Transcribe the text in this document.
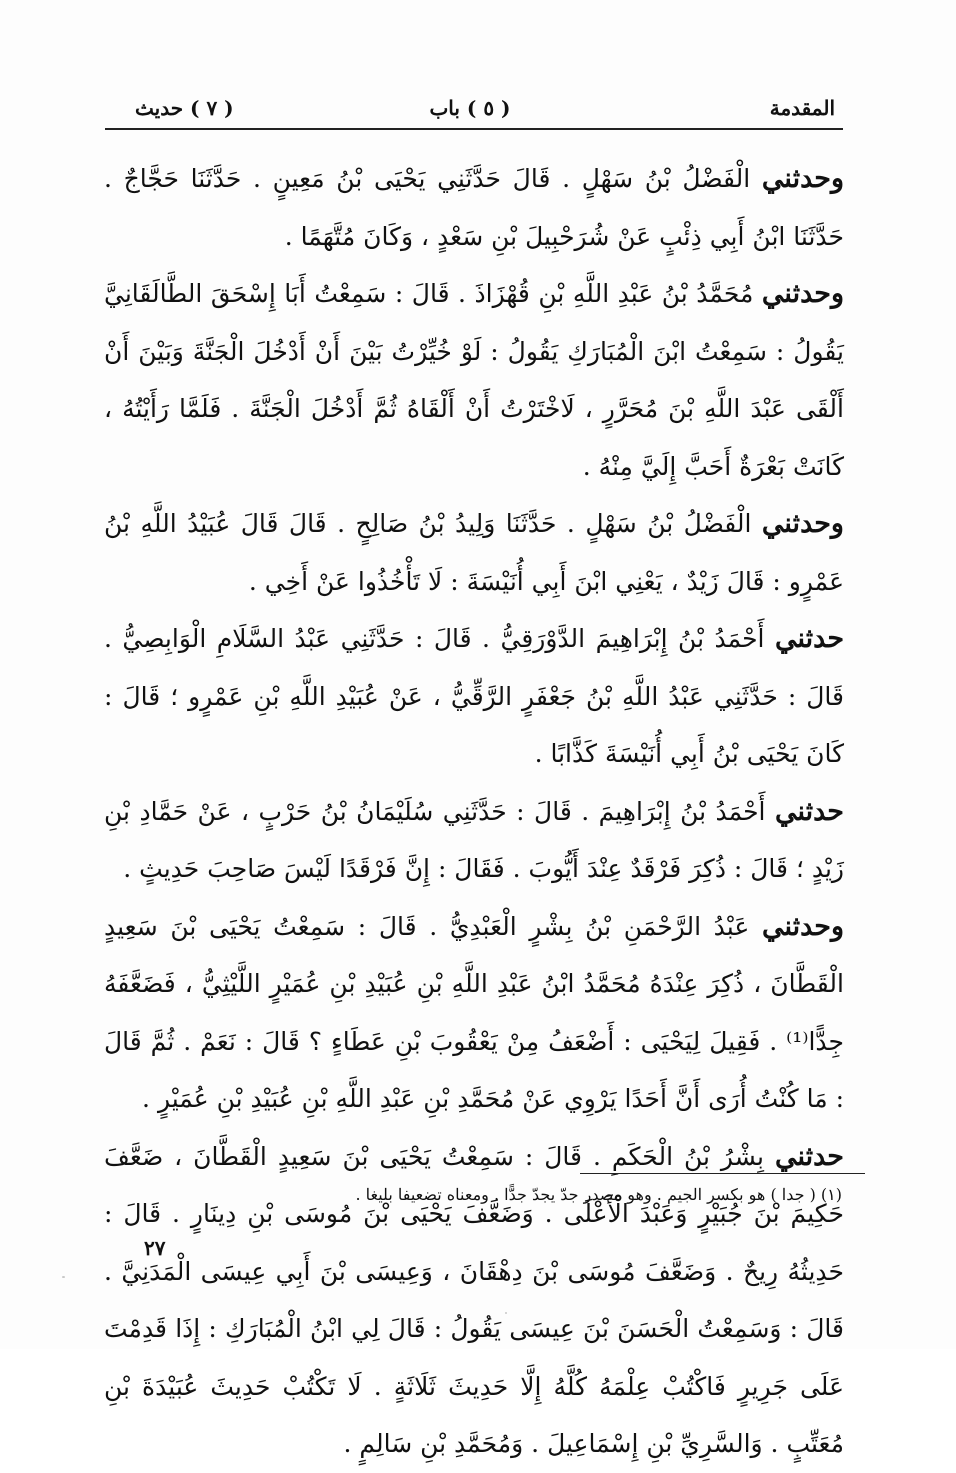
المقدمة
( ٥ ) باب
( ٧ ) حديث

وحدثني الْفَضْلُ بْنُ سَهْلٍ . قَالَ حَدَّثَنِي يَحْيَى بْنُ مَعِينٍ . حَدَّثَنَا حَجَّاجٌ . حَدَّثَنَا ابْنُ أَبِي ذِئْبٍ عَنْ شُرَحْبِيلَ بْنِ سَعْدٍ ، وَكَانَ مُتَّهَمًا .

وحدثني مُحَمَّدُ بْنُ عَبْدِ اللَّهِ بْنِ قُهْزَاذَ . قَالَ : سَمِعْتُ أَبَا إِسْحَقَ الطَّالَقَانِيَّ يَقُولُ : سَمِعْتُ ابْنَ الْمُبَارَكِ يَقُولُ : لَوْ خُيِّرْتُ بَيْنَ أَنْ أَدْخُلَ الْجَنَّةَ وَبَيْنَ أَنْ أَلْقَى عَبْدَ اللَّهِ بْنَ مُحَرَّرٍ ، لَاخْتَرْتُ أَنْ أَلْقَاهُ ثُمَّ أَدْخُلَ الْجَنَّةَ . فَلَمَّا رَأَيْتُهُ ، كَانَتْ بَعْرَةٌ أَحَبَّ إِلَيَّ مِنْهُ .

وحدثني الْفَضْلُ بْنُ سَهْلٍ . حَدَّثَنَا وَلِيدُ بْنُ صَالِحٍ . قَالَ قَالَ عُبَيْدُ اللَّهِ بْنُ عَمْرٍو : قَالَ زَيْدٌ ، يَعْنِي ابْنَ أَبِي أُنَيْسَةَ : لَا تَأْخُذُوا عَنْ أَخِي .

حدثني أَحْمَدُ بْنُ إِبْرَاهِيمَ الدَّوْرَقِيُّ . قَالَ : حَدَّثَنِي عَبْدُ السَّلَامِ الْوَابِصِيُّ . قَالَ : حَدَّثَنِي عَبْدُ اللَّهِ بْنُ جَعْفَرٍ الرَّقِّيُّ ، عَنْ عُبَيْدِ اللَّهِ بْنِ عَمْرٍو ؛ قَالَ : كَانَ يَحْيَى بْنُ أَبِي أُنَيْسَةَ كَذَّابًا .

حدثني أَحْمَدُ بْنُ إِبْرَاهِيمَ . قَالَ : حَدَّثَنِي سُلَيْمَانُ بْنُ حَرْبٍ ، عَنْ حَمَّادِ بْنِ زَيْدٍ ؛ قَالَ : ذُكِرَ فَرْقَدٌ عِنْدَ أَيُّوبَ . فَقَالَ : إِنَّ فَرْقَدًا لَيْسَ صَاحِبَ حَدِيثٍ .

وحدثني عَبْدُ الرَّحْمَنِ بْنُ بِشْرٍ الْعَبْدِيُّ . قَالَ : سَمِعْتُ يَحْيَى بْنَ سَعِيدٍ الْقَطَّانَ ، ذُكِرَ عِنْدَهُ مُحَمَّدُ ابْنُ عَبْدِ اللَّهِ بْنِ عُبَيْدِ بْنِ عُمَيْرٍ اللَّيْثِيُّ ، فَضَعَّفَهُ جِدًّا⁽¹⁾ . فَقِيلَ لِيَحْيَى : أَضْعَفُ مِنْ يَعْقُوبَ بْنِ عَطَاءٍ ؟ قَالَ : نَعَمْ . ثُمَّ قَالَ : مَا كُنْتُ أُرَى أَنَّ أَحَدًا يَرْوِي عَنْ مُحَمَّدِ بْنِ عَبْدِ اللَّهِ بْنِ عُبَيْدِ بْنِ عُمَيْرٍ .

حدثني بِشْرُ بْنُ الْحَكَمِ . قَالَ : سَمِعْتُ يَحْيَى بْنَ سَعِيدٍ الْقَطَّانَ ، ضَعَّفَ حَكِيمَ بْنَ جُبَيْرٍ وَعَبْدَ الْأَعْلَى . وَضَعَّفَ يَحْيَى بْنَ مُوسَى بْنِ دِينَارٍ . قَالَ : حَدِيثُهُ رِيحٌ . وَضَعَّفَ مُوسَى بْنَ دِهْقَانَ ، وَعِيسَى بْنَ أَبِي عِيسَى الْمَدَنِيَّ . قَالَ : وَسَمِعْتُ الْحَسَنَ بْنَ عِيسَى يَقُولُ : قَالَ لِي ابْنُ الْمُبَارَكِ : إِذَا قَدِمْتَ عَلَى جَرِيرٍ فَاكْتُبْ عِلْمَهُ كُلَّهُ إِلَّا حَدِيثَ ثَلَاثَةٍ . لَا تَكْتُبْ حَدِيثَ عُبَيْدَةَ بْنِ مُعَتِّبٍ . وَالسَّرِيِّ بْنِ إِسْمَاعِيلَ . وَمُحَمَّدِ بْنِ سَالِمٍ .

(١) ( جدا ) هو بكسر الجيم . وهو مصدر جدّ يجدّ جدًّا . ومعناه تضعيفا بليغا .
٢٧
